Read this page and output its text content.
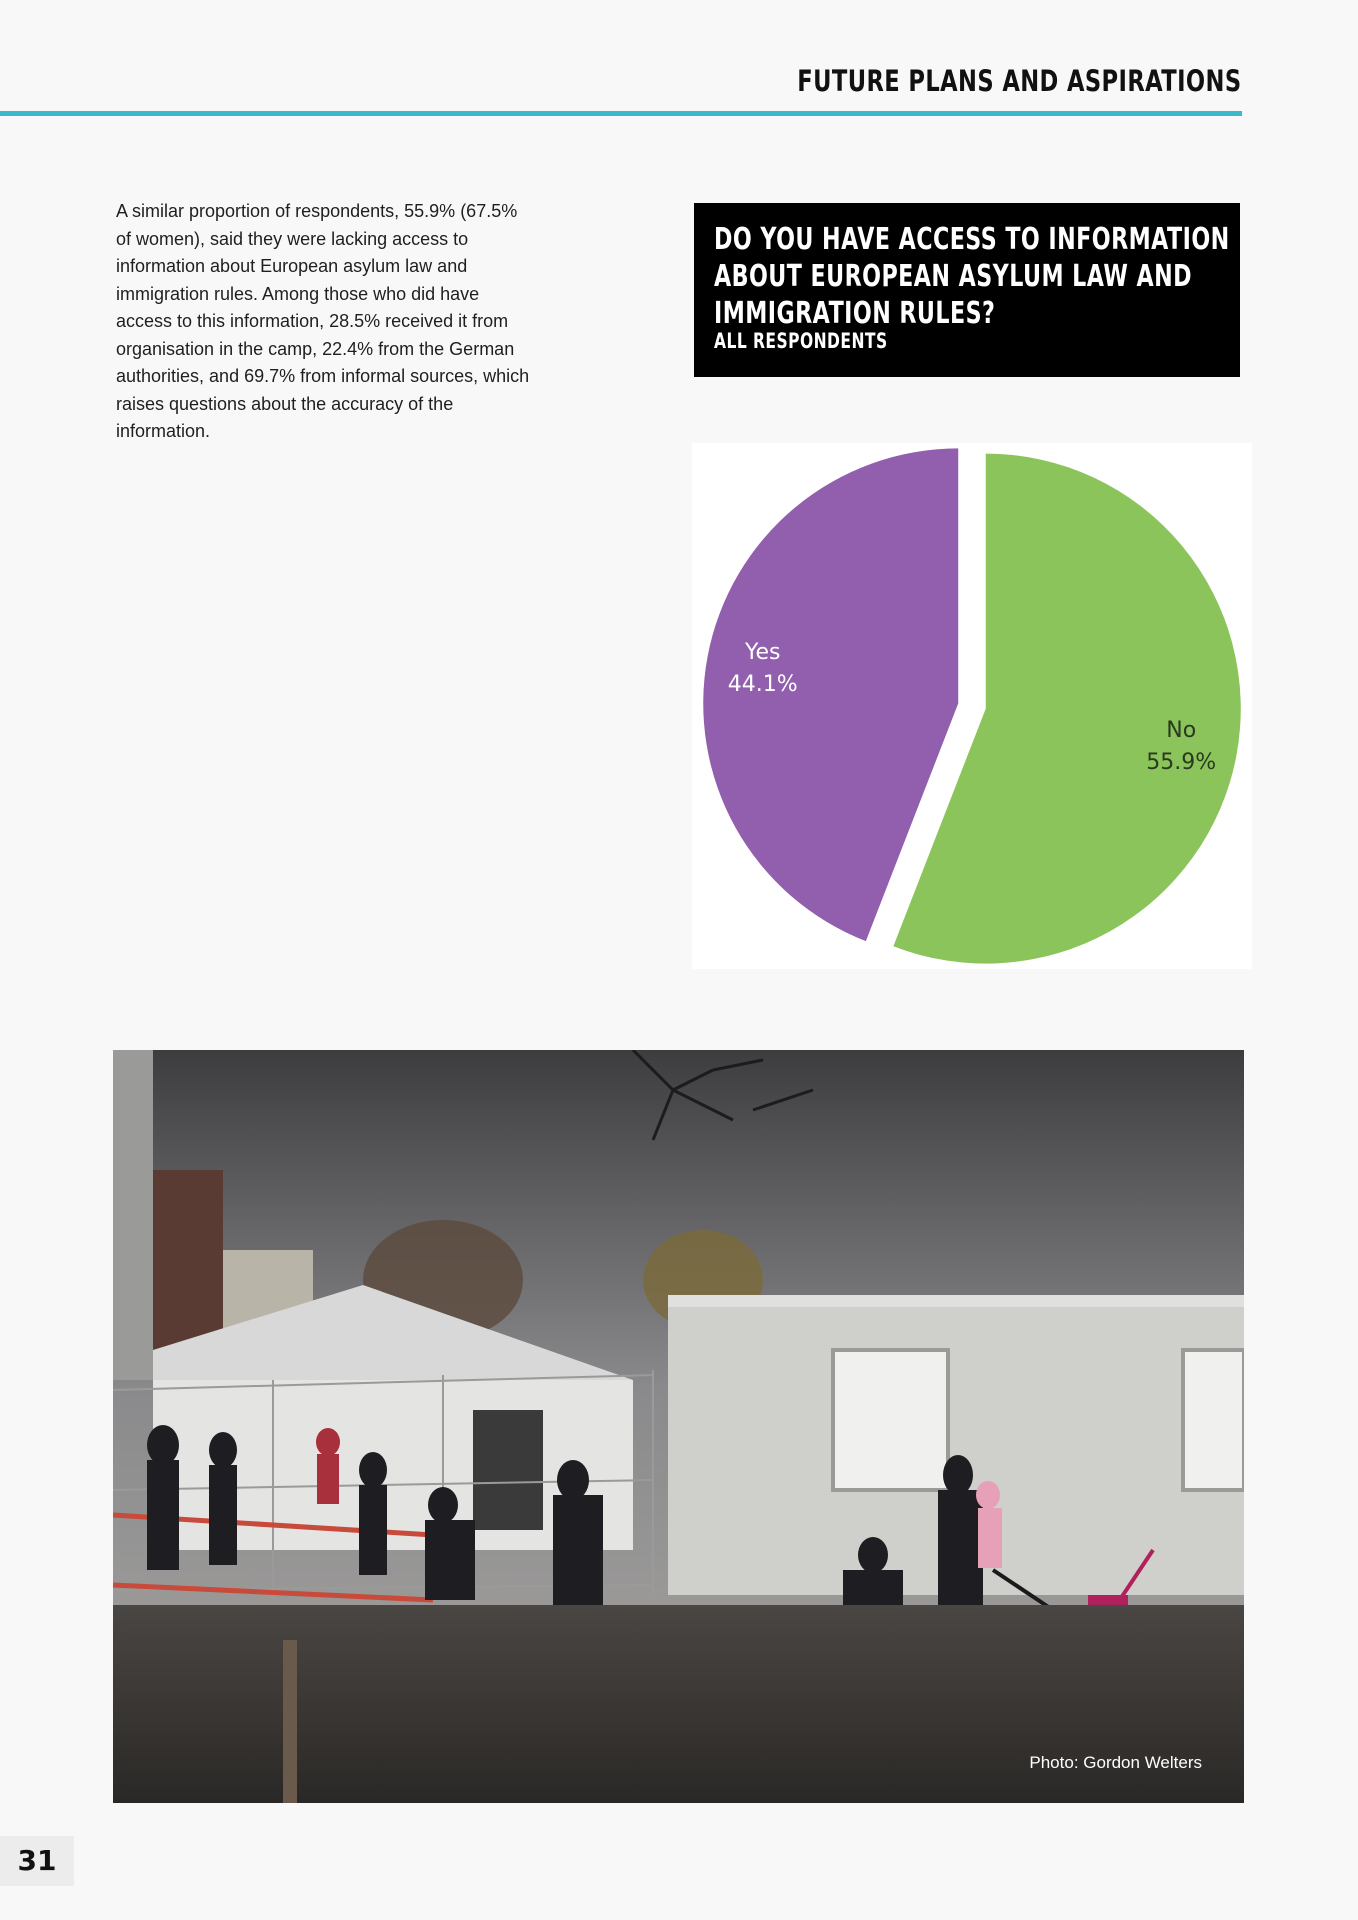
FUTURE PLANS AND ASPIRATIONS

A similar proportion of respondents, 55.9% (67.5% of women), said they were lacking access to information about European asylum law and immigration rules. Among those who did have access to this information, 28.5% received it from organisation in the camp, 22.4% from the German authorities, and 69.7% from informal sources, which raises questions about the accuracy of the information.

DO YOU HAVE ACCESS TO INFORMATION
ABOUT EUROPEAN ASYLUM LAW AND
IMMIGRATION RULES?
ALL RESPONDENTS
No
55.9%
Yes
44.1%
Photo: Gordon Welters
31
